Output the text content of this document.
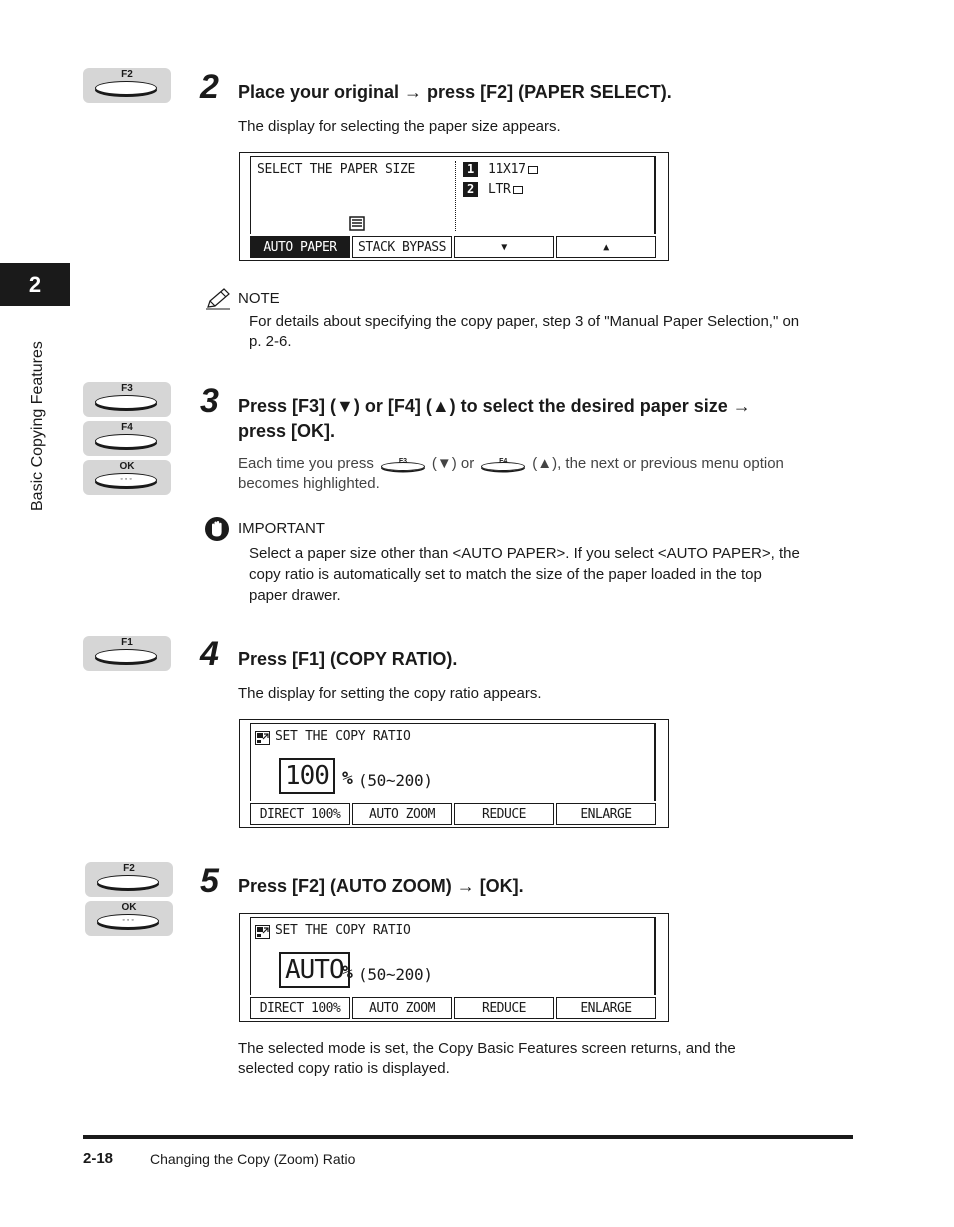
2
Basic Copying Features
F2	2 Place your original → press [F2] (PAPER SELECT).
The display for selecting the paper size appears.
SELECT THE PAPER SIZE	1	11X17
2	LTR
AUTO PAPER	STACK BYPASS	▼	▲
NOTE
For details about specifying the copy paper, step 3 of "Manual Paper Selection," on
p. 2-6.
F3
F4
OK
◦◦◦
3 Press [F3] (▼) or [F4] (▲) to select the desired paper size →
press [OK].
Each time you press	F3	(▼) or	F4	(▲), the next or previous menu option
becomes highlighted.
IMPORTANT
Select a paper size other than <AUTO PAPER>. If you select <AUTO PAPER>, the
copy ratio is automatically set to match the size of the paper loaded in the top
paper drawer.
F1	4 Press [F1] (COPY RATIO).
The display for setting the copy ratio appears.
SET THE COPY RATIO
100 % (50~200)
DIRECT 100%	AUTO ZOOM	REDUCE	ENLARGE
F2
OK
◦◦◦
5 Press [F2] (AUTO ZOOM) → [OK].
SET THE COPY RATIO
AUTO
% (50~200)
DIRECT 100%	AUTO ZOOM	REDUCE	ENLARGE
The selected mode is set, the Copy Basic Features screen returns, and the
selected copy ratio is displayed.
2-18	Changing the Copy (Zoom) Ratio
